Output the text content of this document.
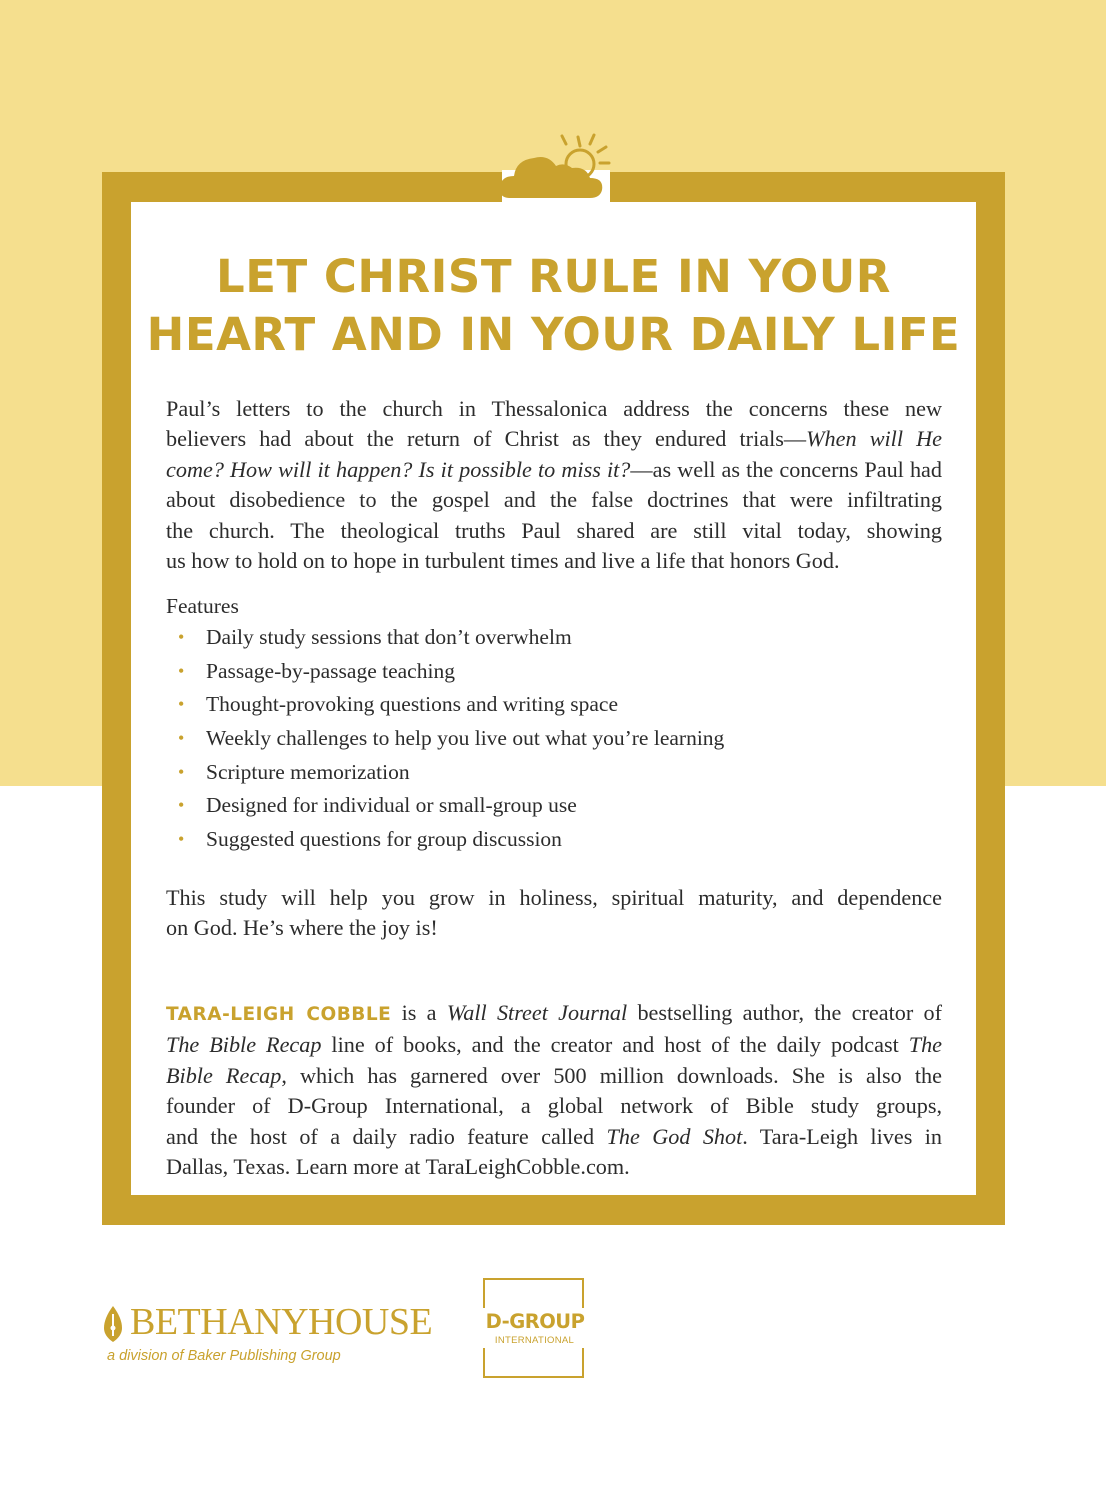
LET CHRIST RULE IN YOUR
HEART AND IN YOUR DAILY LIFE
Paul’s letters to the church in Thessalonica address the concerns these new
believers had about the return of Christ as they endured trials—When will He
come? How will it happen? Is it possible to miss it?—as well as the concerns Paul had
about disobedience to the gospel and the false doctrines that were infiltrating
the church. The theological truths Paul shared are still vital today, showing
us how to hold on to hope in turbulent times and live a life that honors God.
Features
• Daily study sessions that don’t overwhelm
• Passage-by-passage teaching
• Thought-provoking questions and writing space
• Weekly challenges to help you live out what you’re learning
• Scripture memorization
• Designed for individual or small-group use
• Suggested questions for group discussion
This study will help you grow in holiness, spiritual maturity, and dependence
on God. He’s where the joy is!
TARA-LEIGH COBBLE is a Wall Street Journal bestselling author, the creator of
The Bible Recap line of books, and the creator and host of the daily podcast The
Bible Recap, which has garnered over 500 million downloads. She is also the
founder of D-Group International, a global network of Bible study groups,
and the host of a daily radio feature called The God Shot. Tara-Leigh lives in
Dallas, Texas. Learn more at TaraLeighCobble.com.
BETHANYHOUSE
a division of Baker Publishing Group
D-GROUP
INTERNATIONAL
